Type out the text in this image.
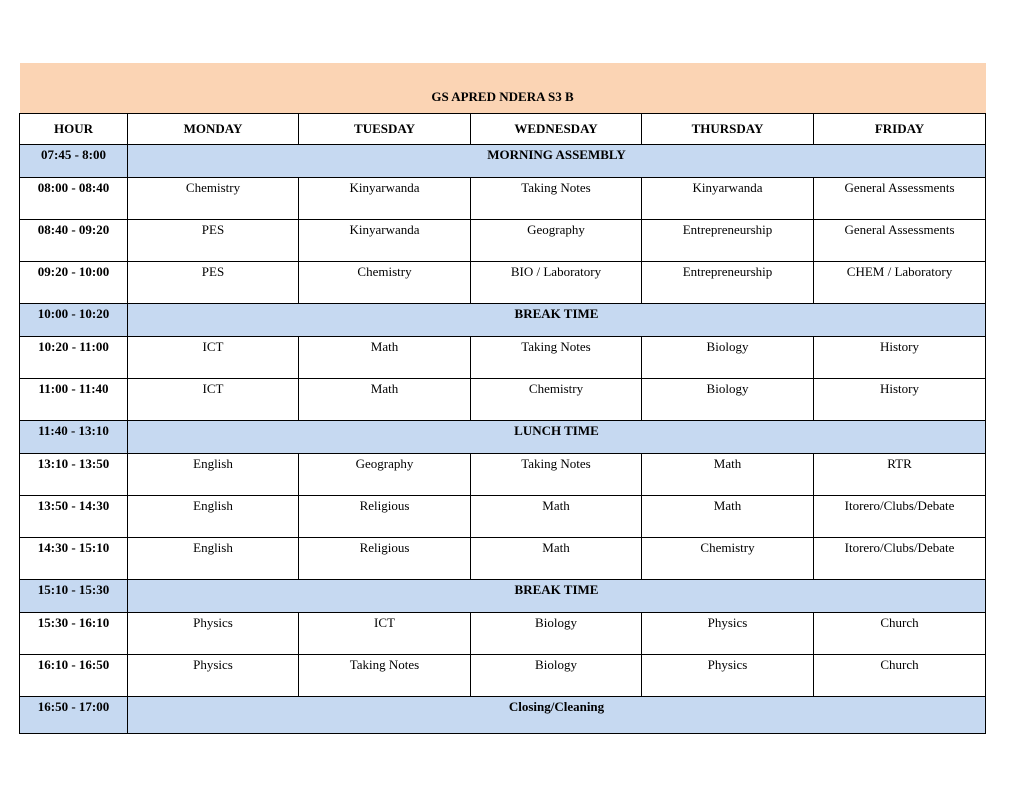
GS APRED NDERA S3 B					
HOUR	MONDAY	TUESDAY	WEDNESDAY	THURSDAY	FRIDAY
07:45 - 8:00	MORNING ASSEMBLY				
08:00 - 08:40	Chemistry	Kinyarwanda	Taking Notes	Kinyarwanda	General Assessments
08:40 - 09:20	PES	Kinyarwanda	Geography	Entrepreneurship	General Assessments
09:20 - 10:00	PES	Chemistry	BIO / Laboratory	Entrepreneurship	CHEM / Laboratory
10:00 - 10:20	BREAK TIME				
10:20 - 11:00	ICT	Math	Taking Notes	Biology	History
11:00 - 11:40	ICT	Math	Chemistry	Biology	History
11:40 - 13:10	LUNCH TIME				
13:10 - 13:50	English	Geography	Taking Notes	Math	RTR
13:50 - 14:30	English	Religious	Math	Math	Itorero/Clubs/Debate
14:30 - 15:10	English	Religious	Math	Chemistry	Itorero/Clubs/Debate
15:10 - 15:30	BREAK TIME				
15:30 - 16:10	Physics	ICT	Biology	Physics	Church
16:10 - 16:50	Physics	Taking Notes	Biology	Physics	Church
16:50 - 17:00	Closing/Cleaning				
